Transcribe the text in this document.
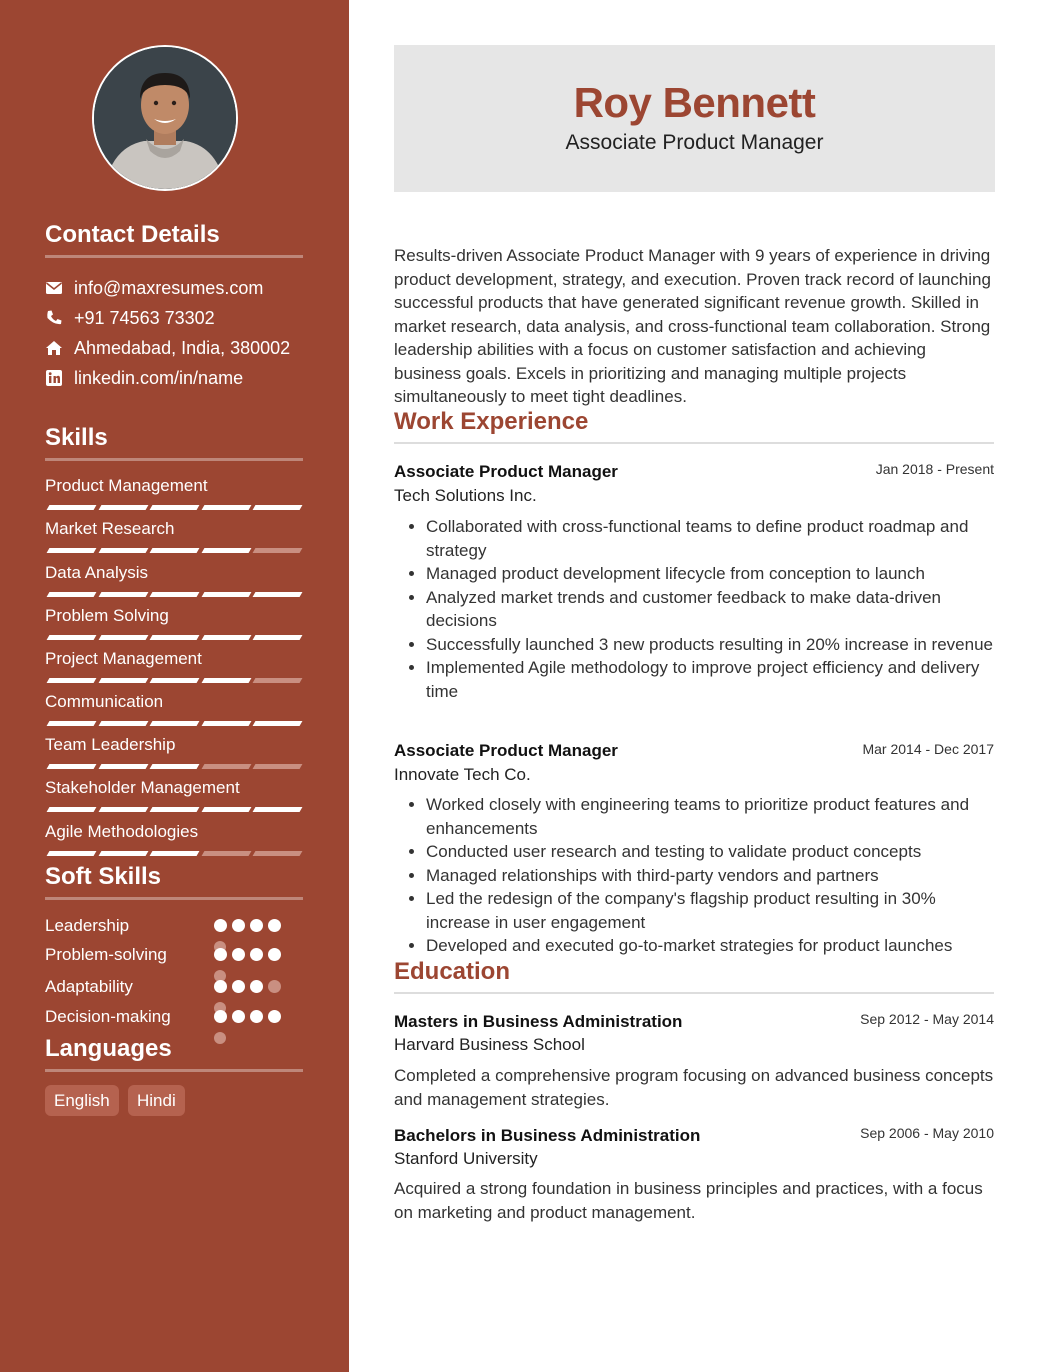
Contact Details
info@maxresumes.com
+91 74563 73302
Ahmedabad, India, 380002
linkedin.com/in/name
Skills
Product Management
Market Research
Data Analysis
Problem Solving
Project Management
Communication
Team Leadership
Stakeholder Management
Agile Methodologies
Soft Skills
Leadership
Problem-solving
Adaptability
Decision-making
Languages
English	Hindi
Roy Bennett
Associate Product Manager
Results-driven Associate Product Manager with 9 years of experience in driving product development, strategy, and execution. Proven track record of launching successful products that have generated significant revenue growth. Skilled in market research, data analysis, and cross-functional team collaboration. Strong leadership abilities with a focus on customer satisfaction and achieving business goals. Excels in prioritizing and managing multiple projects simultaneously to meet tight deadlines.
Work Experience
Associate Product Manager	Jan 2018 - Present
Tech Solutions Inc.
• Collaborated with cross-functional teams to define product roadmap and strategy
• Managed product development lifecycle from conception to launch
• Analyzed market trends and customer feedback to make data-driven decisions
• Successfully launched 3 new products resulting in 20% increase in revenue
• Implemented Agile methodology to improve project efficiency and delivery time
Associate Product Manager	Mar 2014 - Dec 2017
Innovate Tech Co.
• Worked closely with engineering teams to prioritize product features and enhancements
• Conducted user research and testing to validate product concepts
• Managed relationships with third-party vendors and partners
• Led the redesign of the company's flagship product resulting in 30% increase in user engagement
• Developed and executed go-to-market strategies for product launches
Education
Masters in Business Administration	Sep 2012 - May 2014
Harvard Business School
Completed a comprehensive program focusing on advanced business concepts and management strategies.
Bachelors in Business Administration	Sep 2006 - May 2010
Stanford University
Acquired a strong foundation in business principles and practices, with a focus on marketing and product management.
